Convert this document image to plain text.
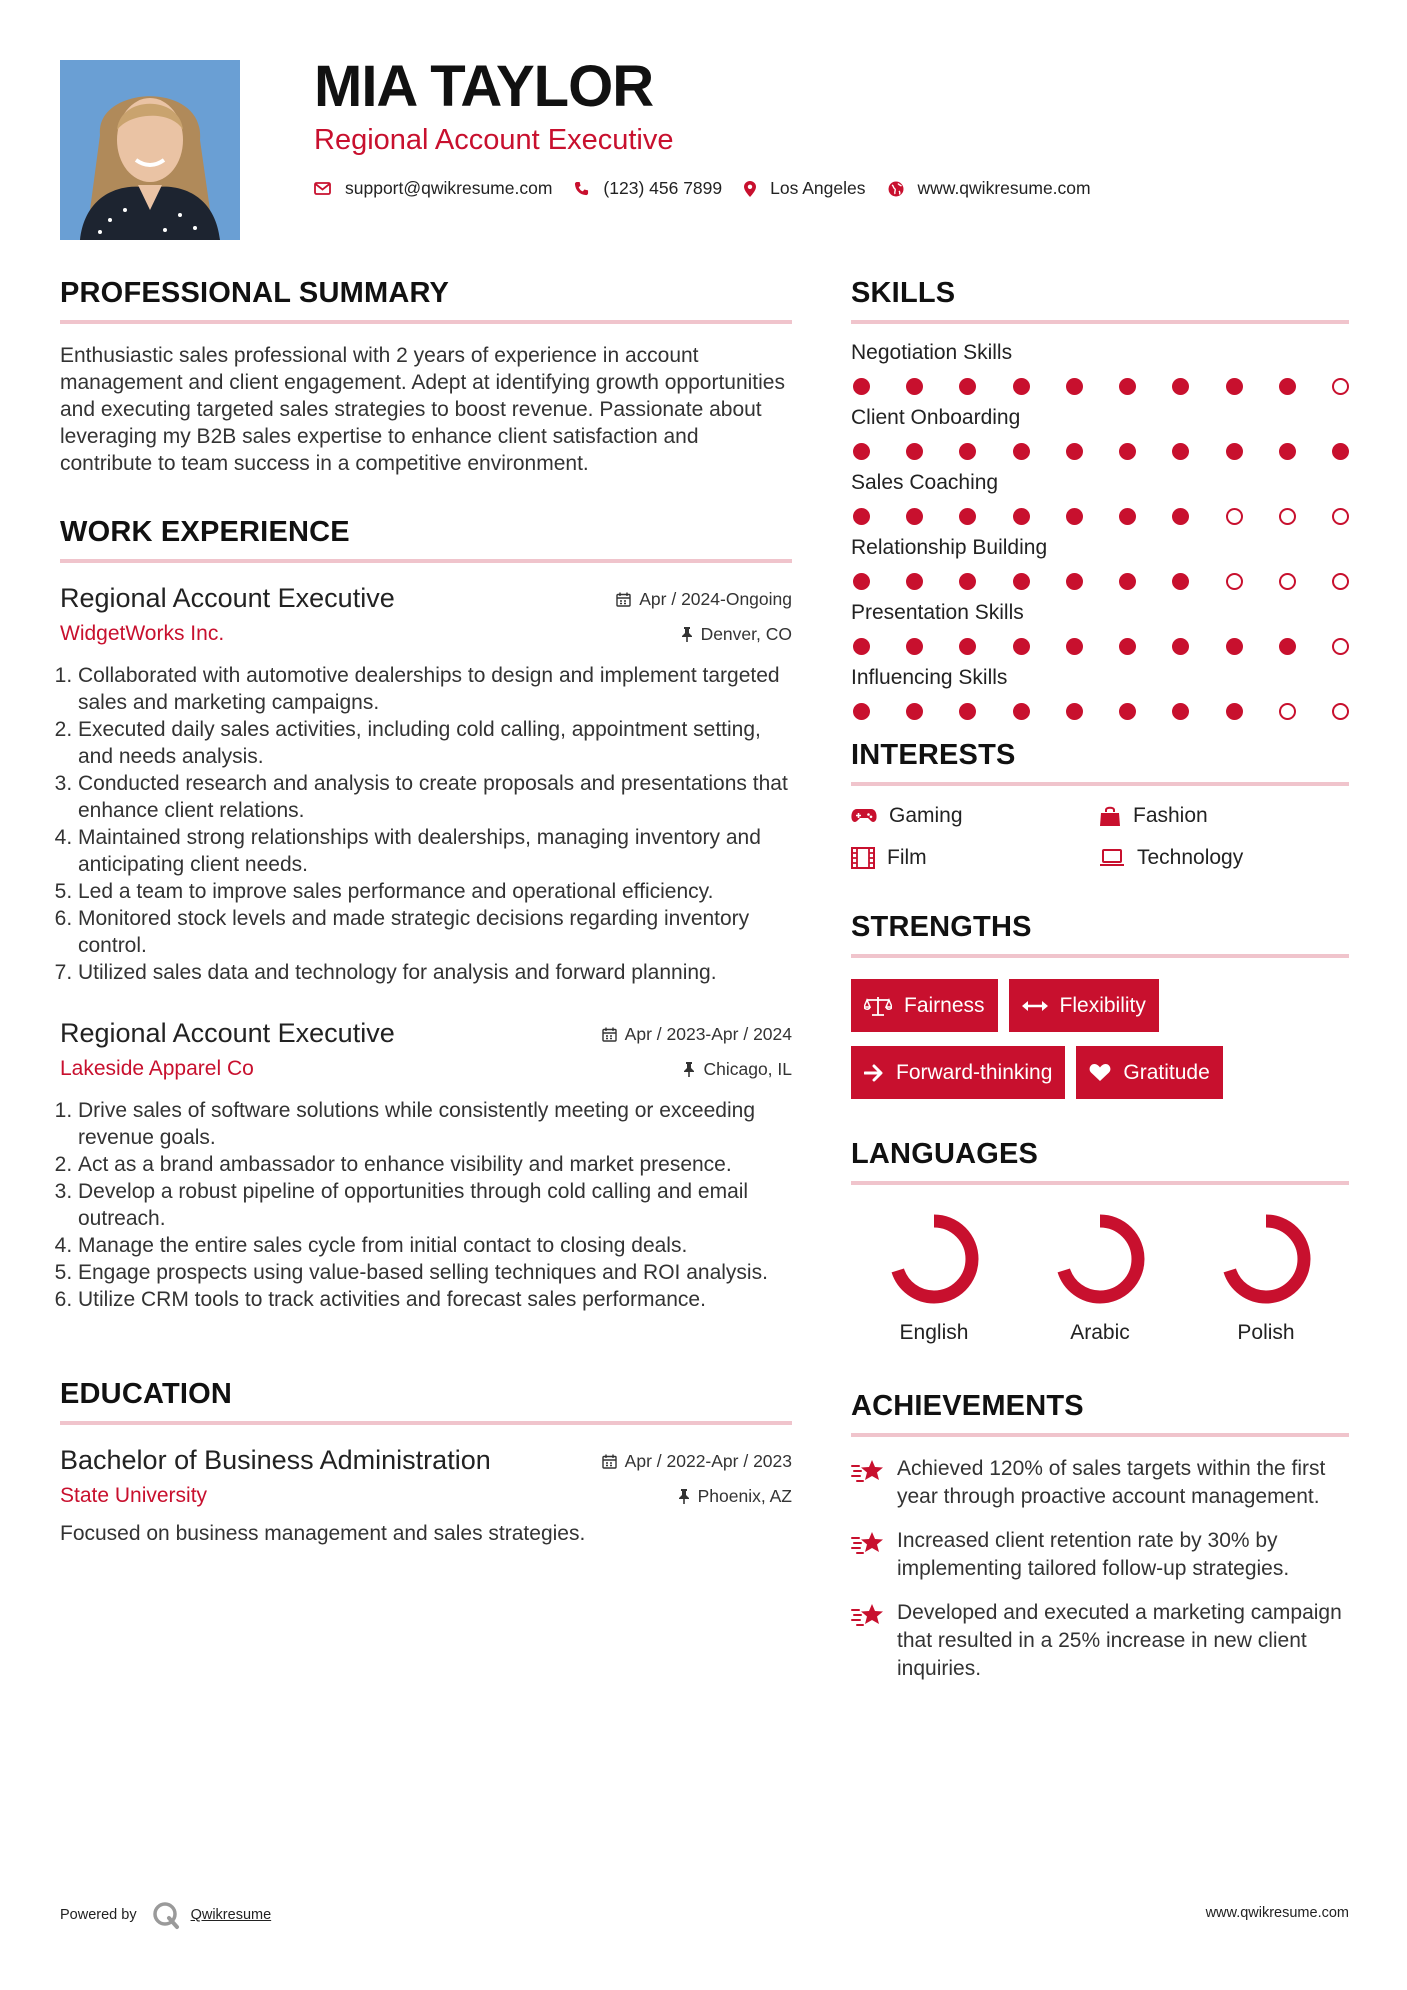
MIA TAYLOR
Regional Account Executive
support@qwikresume.com	(123) 456 7899	Los Angeles	www.qwikresume.com
PROFESSIONAL SUMMARY
Enthusiastic sales professional with 2 years of experience in account management and client engagement. Adept at identifying growth opportunities and executing targeted sales strategies to boost revenue. Passionate about leveraging my B2B sales expertise to enhance client satisfaction and contribute to team success in a competitive environment.
WORK EXPERIENCE
Regional Account Executive
WidgetWorks Inc.
Apr / 2024-Ongoing
Denver, CO
1. Collaborated with automotive dealerships to design and implement targeted sales and marketing campaigns.
2. Executed daily sales activities, including cold calling, appointment setting, and needs analysis.
3. Conducted research and analysis to create proposals and presentations that enhance client relations.
4. Maintained strong relationships with dealerships, managing inventory and anticipating client needs.
5. Led a team to improve sales performance and operational efficiency.
6. Monitored stock levels and made strategic decisions regarding inventory control.
7. Utilized sales data and technology for analysis and forward planning.
Regional Account Executive
Lakeside Apparel Co
Apr / 2023-Apr / 2024
Chicago, IL
1. Drive sales of software solutions while consistently meeting or exceeding revenue goals.
2. Act as a brand ambassador to enhance visibility and market presence.
3. Develop a robust pipeline of opportunities through cold calling and email outreach.
4. Manage the entire sales cycle from initial contact to closing deals.
5. Engage prospects using value-based selling techniques and ROI analysis.
6. Utilize CRM tools to track activities and forecast sales performance.
EDUCATION
Bachelor of Business Administration
State University
Apr / 2022-Apr / 2023
Phoenix, AZ
Focused on business management and sales strategies.
SKILLS
Negotiation Skills
Client Onboarding
Sales Coaching
Relationship Building
Presentation Skills
Influencing Skills
INTERESTS
Gaming	Fashion
Film	Technology
STRENGTHS
Fairness	Flexibility
Forward-thinking	Gratitude
LANGUAGES
English	Arabic	Polish
ACHIEVEMENTS
Achieved 120% of sales targets within the first year through proactive account management.
Increased client retention rate by 30% by implementing tailored follow-up strategies.
Developed and executed a marketing campaign that resulted in a 25% increase in new client inquiries.
Powered by	Qwikresume	www.qwikresume.com
